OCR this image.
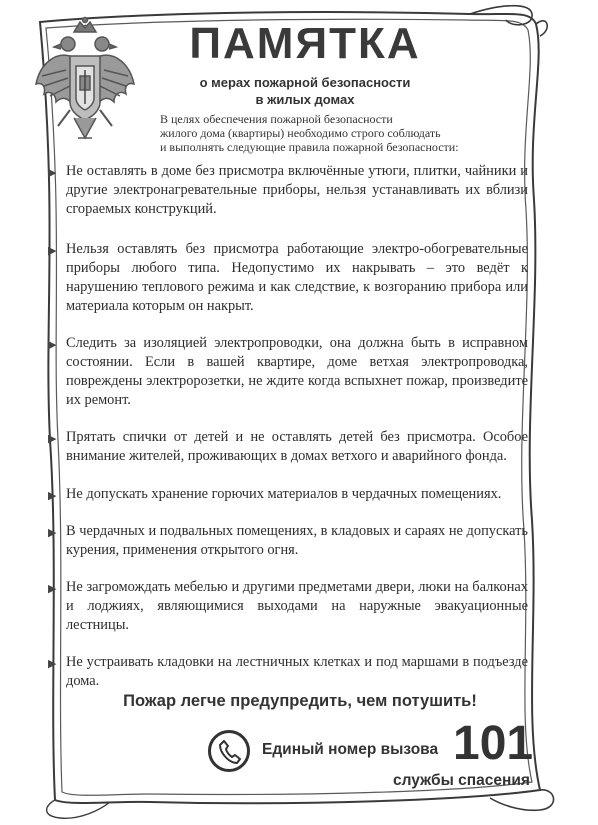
ПАМЯТКА
о мерах пожарной безопасности
в жилых домах
В целях обеспечения пожарной безопасности
жилого дома (квартиры) необходимо строго соблюдать
и выполнять следующие правила пожарной безопасности:
▶ Не оставлять в доме без присмотра включённые утюги, плитки, чайники и другие электронагревательные приборы, нельзя устанавливать их вблизи сгораемых конструкций.
▶ Нельзя оставлять без присмотра работающие электро-обогревательные приборы любого типа. Недопустимо их накрывать – это ведёт к нарушению теплового режима и как следствие, к возгоранию прибора или материала которым он накрыт.
▶ Следить за изоляцией электропроводки, она должна быть в исправном состоянии. Если в вашей квартире, доме ветхая электропроводка, повреждены электророзетки, не ждите когда вспыхнет пожар, произведите их ремонт.
▶ Прятать спички от детей и не оставлять детей без присмотра. Особое внимание жителей, проживающих в домах ветхого и аварийного фонда.
▶ Не допускать хранение горючих материалов в чердачных помещениях.
▶ В чердачных и подвальных помещениях, в кладовых и сараях не допускать курения, применения открытого огня.
▶ Не загромождать мебелью и другими предметами двери, люки на балконах и лоджиях, являющимися выходами на наружные эвакуационные лестницы.
▶ Не устраивать кладовки на лестничных клетках и под маршами в подъезде дома.
Пожар легче предупредить, чем потушить!
Единый номер вызова 101
службы спасения
